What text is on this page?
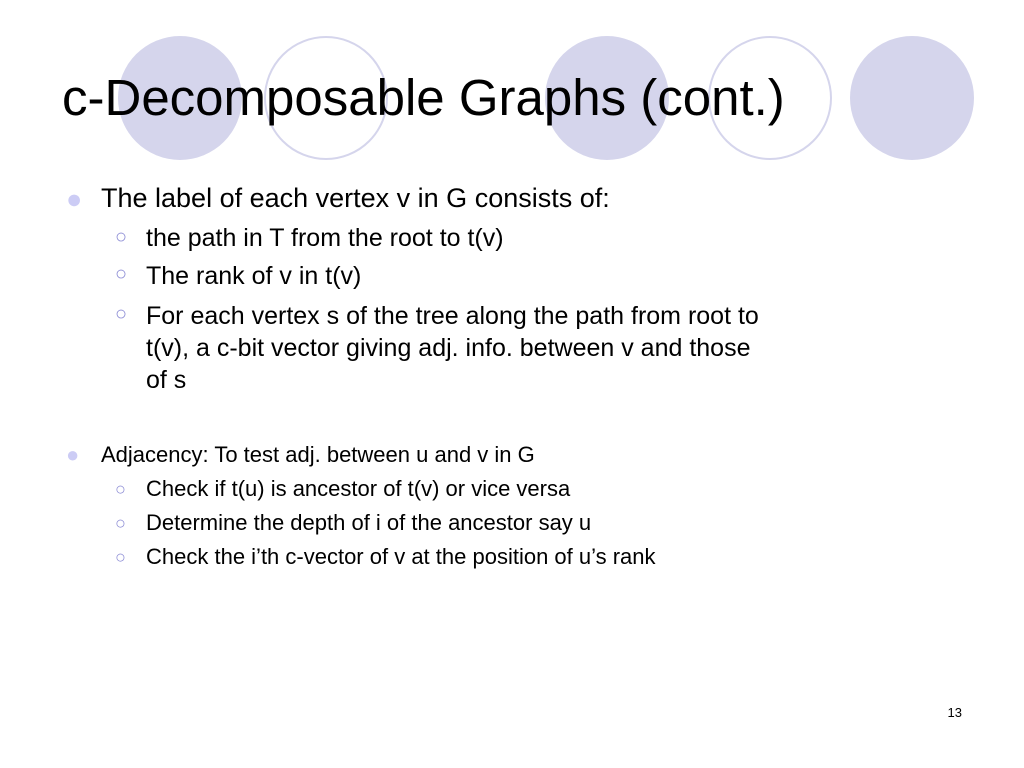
c-Decomposable Graphs (cont.)
● The label of each vertex v in G consists of:
○ the path in T from the root to t(v)
○ The rank of v in t(v)
○ For each vertex s of the tree along the path from root to
t(v), a c-bit vector giving adj. info. between v and those
of s
● Adjacency: To test adj. between u and v in G
○ Check if t(u) is ancestor of t(v) or vice versa
○ Determine the depth of i of the ancestor say u
○ Check the i’th c-vector of v at the position of u’s rank
13
